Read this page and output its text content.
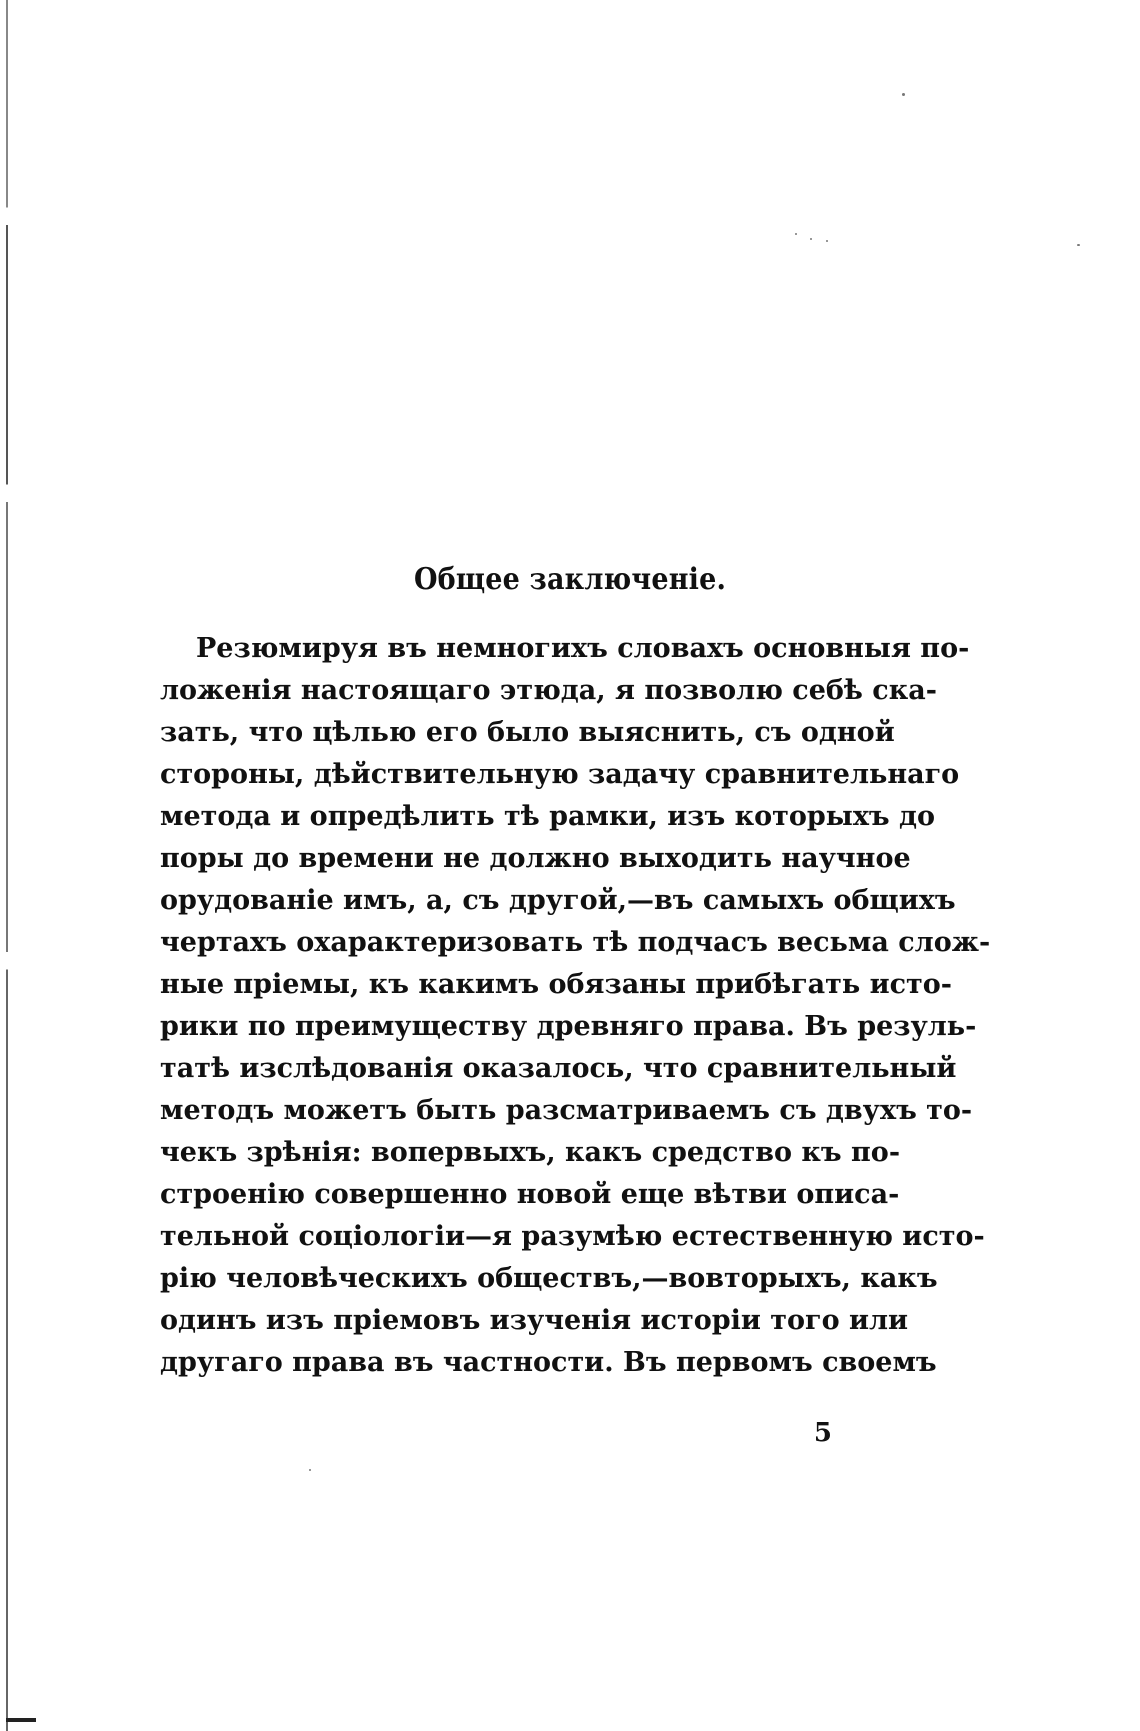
Общее заключеніе.
Резюмируя въ немногихъ словахъ основныя по-
ложенія настоящаго этюда, я позволю себѣ ска-
зать, что цѣлью его было выяснить, съ одной
стороны, дѣйствительную задачу сравнительнаго
метода и опредѣлить тѣ рамки, изъ которыхъ до
поры до времени не должно выходить научное
орудованіе имъ, а, съ другой,—въ самыхъ общихъ
чертахъ охарактеризовать тѣ подчасъ весьма слож-
ные пріемы, къ какимъ обязаны прибѣгать исто-
рики по преимуществу древняго права. Въ резуль-
татѣ изслѣдованія оказалось, что сравнительный
методъ можетъ быть разсматриваемъ съ двухъ то-
чекъ зрѣнія: вопервыхъ, какъ средство къ по-
строенію совершенно новой еще вѣтви описа-
тельной соціологіи—я разумѣю естественную исто-
рію человѣческихъ обществъ,—вовторыхъ, какъ
одинъ изъ пріемовъ изученія исторіи того или
другаго права въ частности. Въ первомъ своемъ
5
